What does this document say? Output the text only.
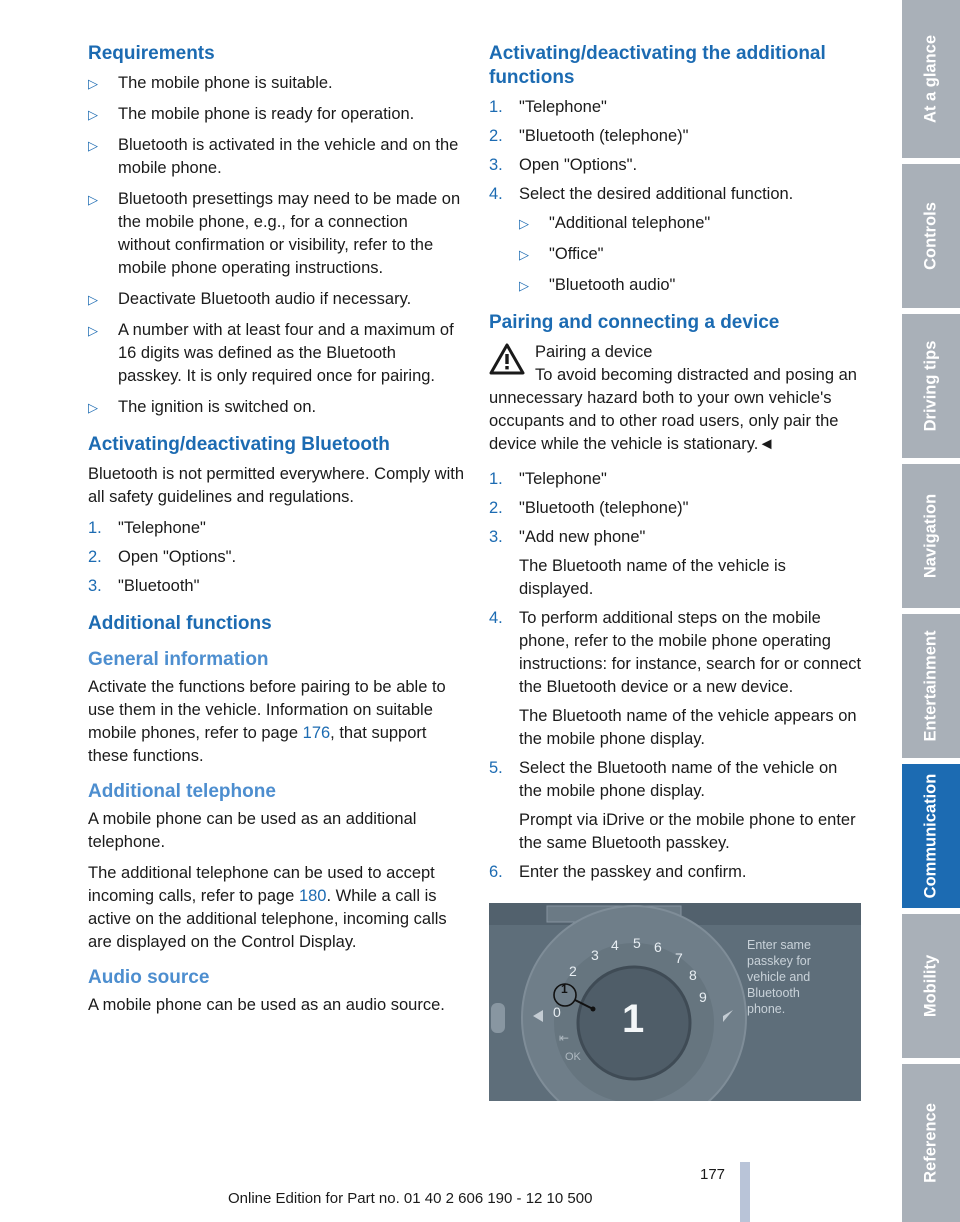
Requirements
▷ The mobile phone is suitable.
▷ The mobile phone is ready for operation.
▷ Bluetooth is activated in the vehicle and on the mobile phone.
▷ Bluetooth presettings may need to be made on the mobile phone, e.g., for a connection without confirmation or visibility, refer to the mobile phone operating instructions.
▷ Deactivate Bluetooth audio if necessary.
▷ A number with at least four and a maximum of 16 digits was defined as the Bluetooth passkey. It is only required once for pairing.
▷ The ignition is switched on.
Activating/deactivating Bluetooth

Bluetooth is not permitted everywhere. Comply with all safety guidelines and regulations.

1. "Telephone"
2. Open "Options".
3. "Bluetooth"
Additional functions
General information

Activate the functions before pairing to be able to use them in the vehicle. Information on suitable mobile phones, refer to page 176, that support these functions.

Additional telephone

A mobile phone can be used as an additional telephone.

The additional telephone can be used to accept incoming calls, refer to page 180. While a call is active on the additional telephone, incoming calls are displayed on the Control Display.

Audio source

A mobile phone can be used as an audio source.

Activating/deactivating the additional functions
1. "Telephone"
2. "Bluetooth (telephone)"
3. Open "Options".
4. Select the desired additional function.
▷ "Additional telephone"
▷ "Office"
▷ "Bluetooth audio"
Pairing and connecting a device
Pairing a device

To avoid becoming distracted and posing an unnecessary hazard both to your own vehicle's occupants and to other road users, only pair the device while the vehicle is stationary.◄

1. "Telephone"
2. "Bluetooth (telephone)"
3. "Add new phone"
The Bluetooth name of the vehicle is displayed.
4. To perform additional steps on the mobile phone, refer to the mobile phone operating instructions: for instance, search for or connect the Bluetooth device or a new device.
The Bluetooth name of the vehicle appears on the mobile phone display.
5. Select the Bluetooth name of the vehicle on the mobile phone display.
Prompt via iDrive or the mobile phone to enter the same Bluetooth passkey.
6. Enter the passkey and confirm.
0
2
3
4 5 6
7
8
9
1
1
⇤
OK
Enter same
passkey for
vehicle and
Bluetooth
phone.
At a glance
Controls
Driving tips
Navigation
Entertainment
Communication
Mobility
Reference
177
Online Edition for Part no. 01 40 2 606 190 - 12 10 500
